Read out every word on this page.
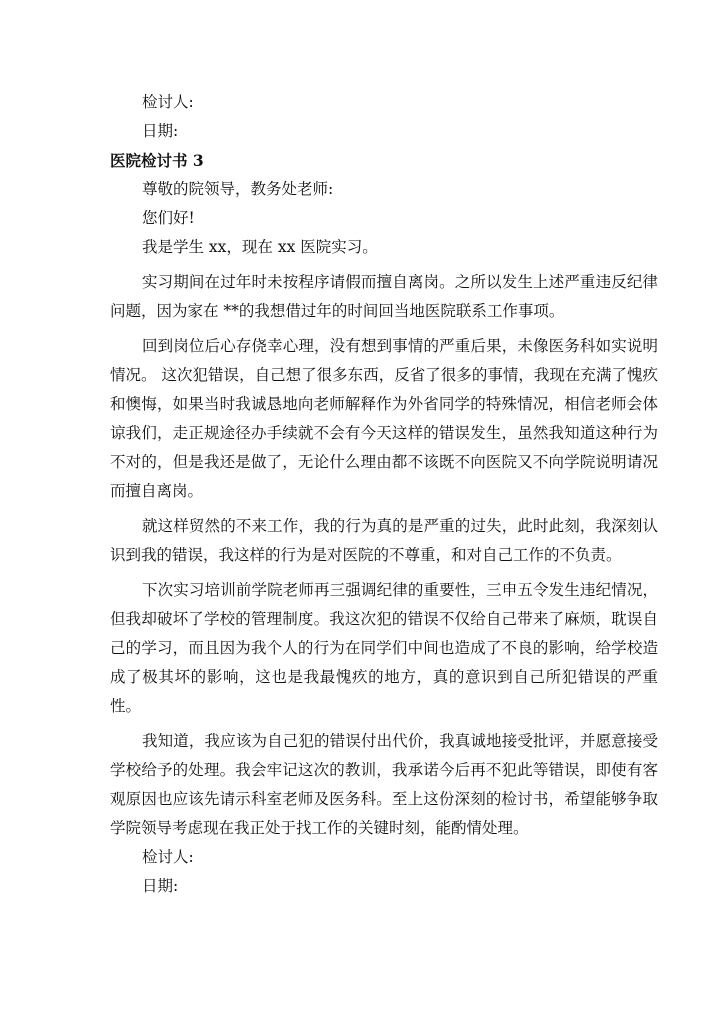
检讨人:
日期:
医院检讨书 3
尊敬的院领导，教务处老师:
您们好!
我是学生 xx，现在 xx 医院实习。
实习期间在过年时未按程序请假而擅自离岗。之所以发生上述严重违反纪律问题，因为家在 **的我想借过年的时间回当地医院联系工作事项。
回到岗位后心存侥幸心理，没有想到事情的严重后果，未像医务科如实说明情况。 这次犯错误，自己想了很多东西，反省了很多的事情，我现在充满了愧疚和懊悔，如果当时我诚恳地向老师解释作为外省同学的特殊情况，相信老师会体谅我们，走正规途径办手续就不会有今天这样的错误发生，虽然我知道这种行为不对的，但是我还是做了，无论什么理由都不该既不向医院又不向学院说明请况而擅自离岗。
就这样贸然的不来工作，我的行为真的是严重的过失，此时此刻，我深刻认识到我的错误，我这样的行为是对医院的不尊重，和对自己工作的不负责。
下次实习培训前学院老师再三强调纪律的重要性，三申五令发生违纪情况，但我却破坏了学校的管理制度。我这次犯的错误不仅给自己带来了麻烦，耽误自己的学习，而且因为我个人的行为在同学们中间也造成了不良的影响，给学校造成了极其坏的影响，这也是我最愧疚的地方，真的意识到自己所犯错误的严重性。
我知道，我应该为自己犯的错误付出代价，我真诚地接受批评，并愿意接受学校给予的处理。我会牢记这次的教训，我承诺今后再不犯此等错误，即使有客观原因也应该先请示科室老师及医务科。至上这份深刻的检讨书，希望能够争取学院领导考虑现在我正处于找工作的关键时刻，能酌情处理。
检讨人:
日期:
